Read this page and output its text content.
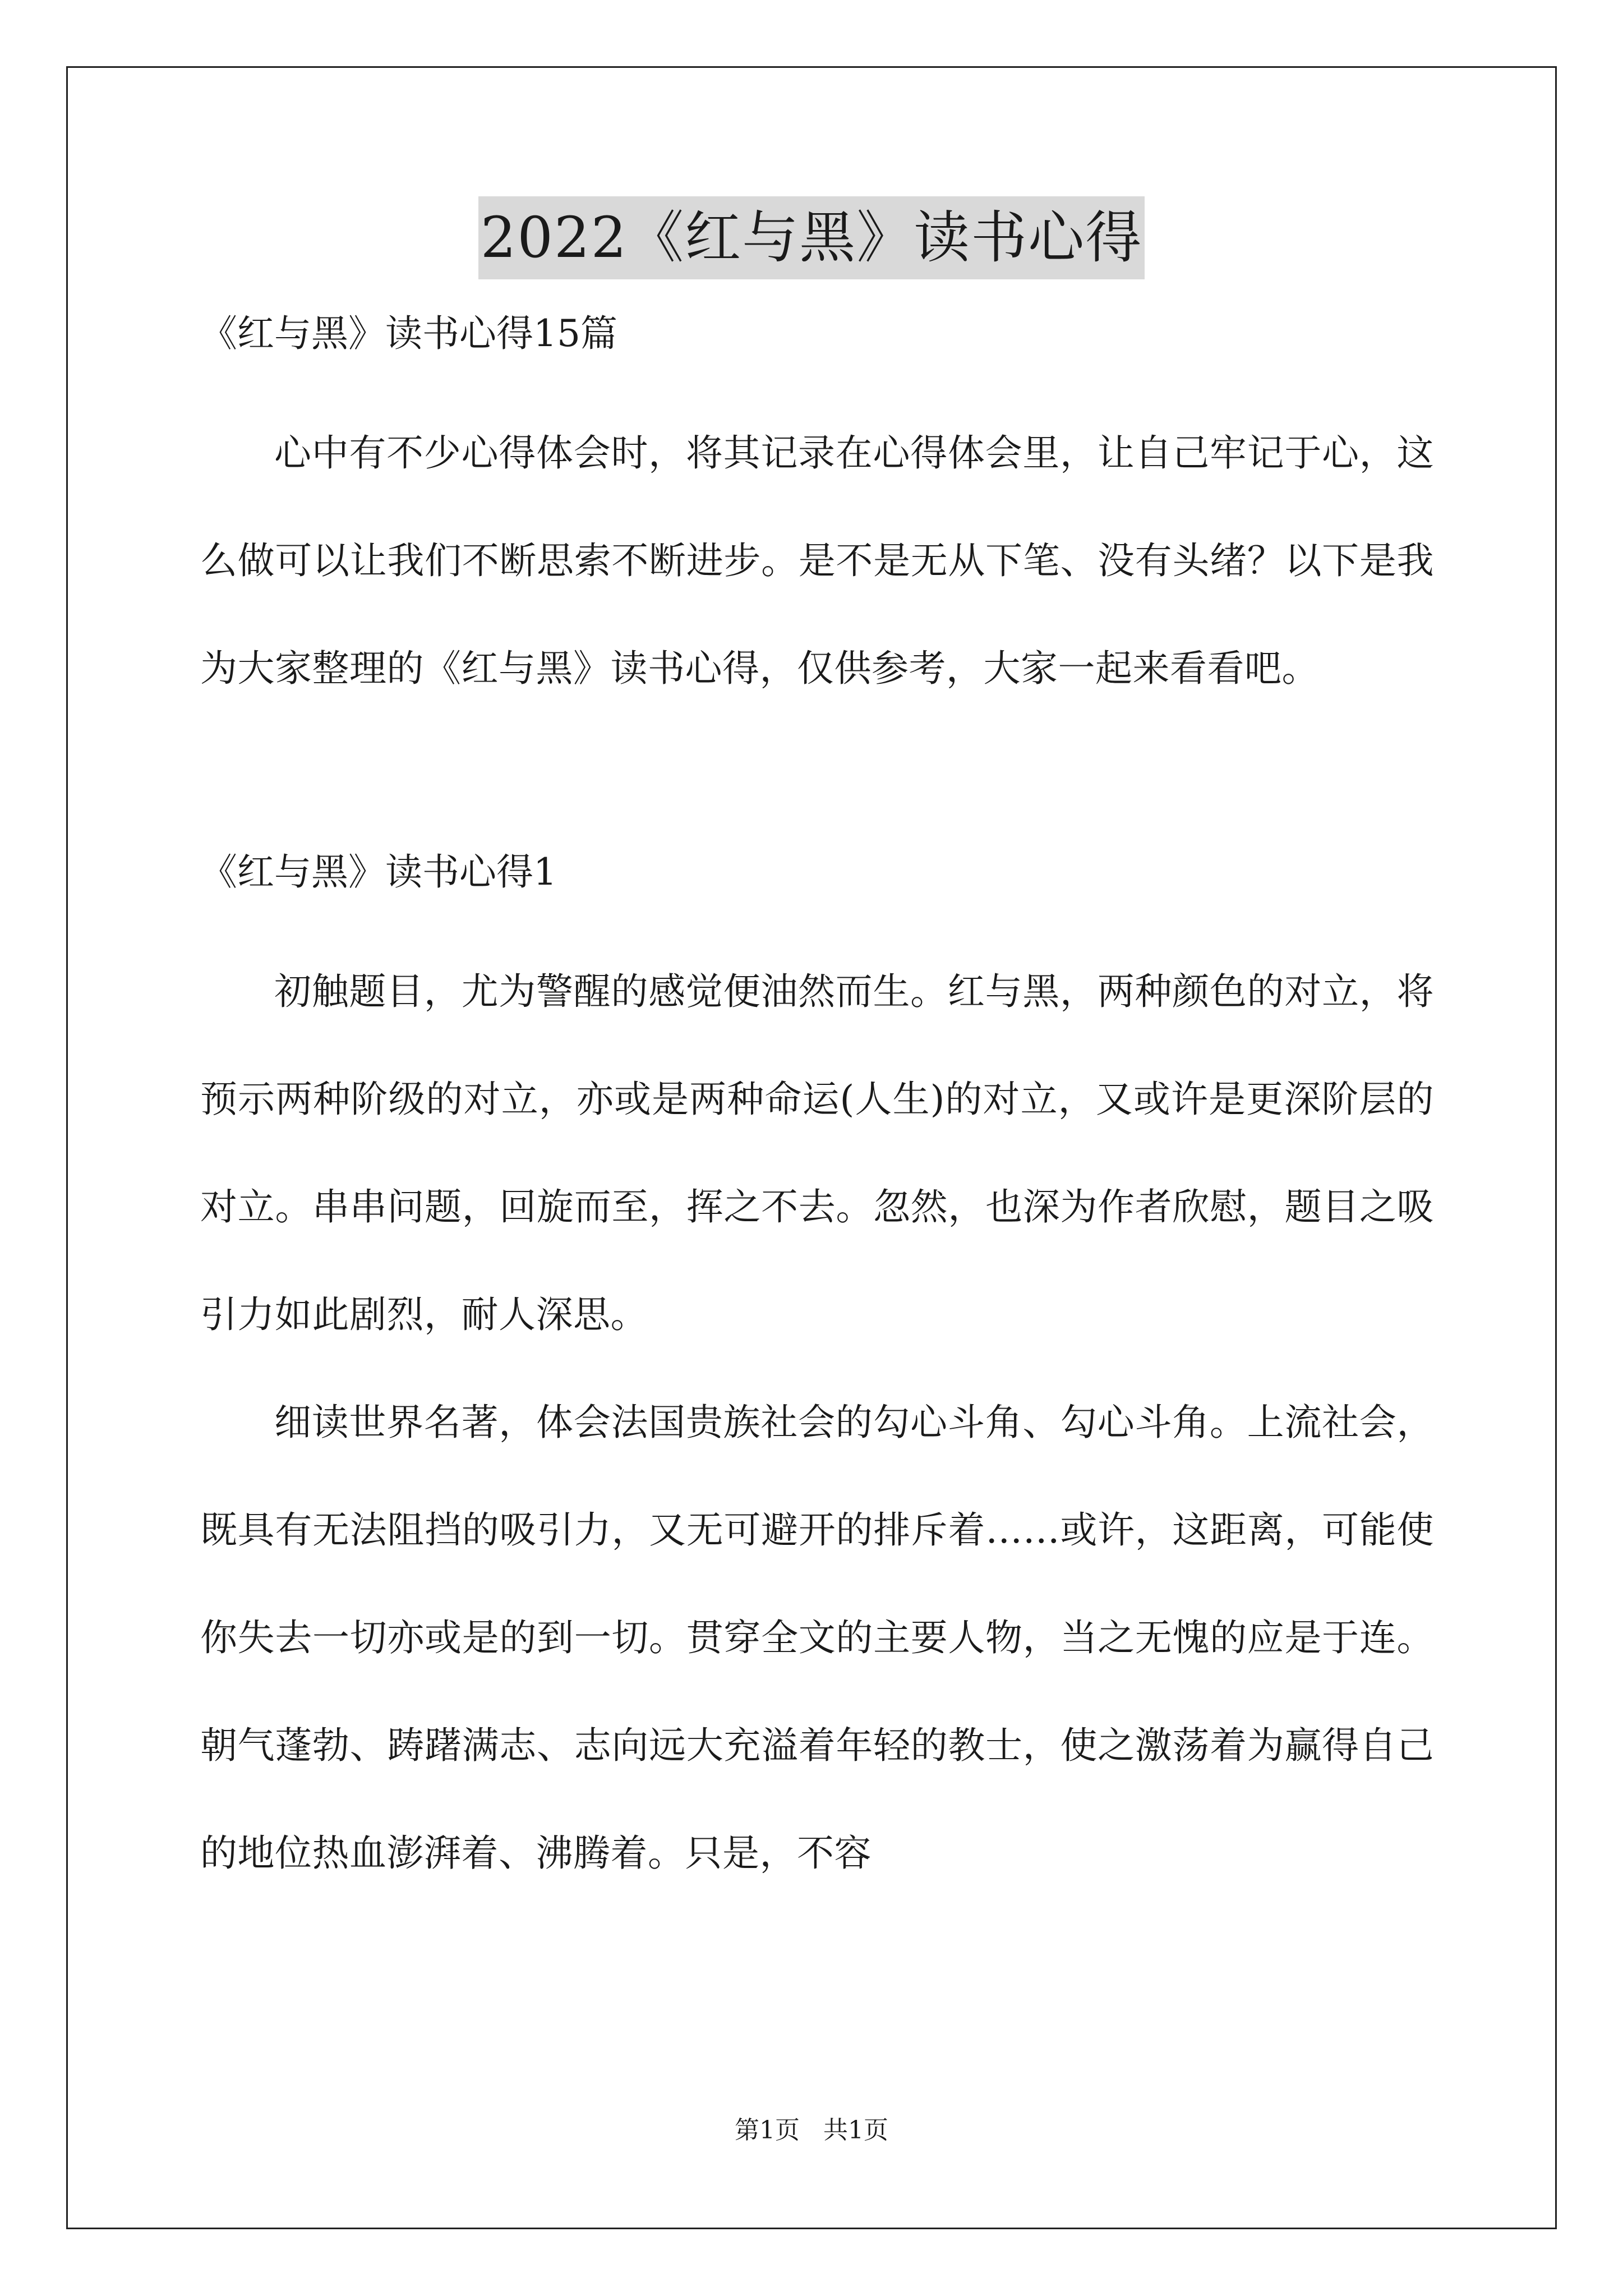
2022《红与黑》读书心得

《红与黑》读书心得15篇

心中有不少心得体会时，将其记录在心得体会里，让自己牢记于心，这么做可以让我们不断思索不断进步。是不是无从下笔、没有头绪？以下是我为大家整理的《红与黑》读书心得，仅供参考，大家一起来看看吧。

《红与黑》读书心得1

初触题目，尤为警醒的感觉便油然而生。红与黑，两种颜色的对立，将预示两种阶级的对立，亦或是两种命运(人生)的对立，又或许是更深阶层的对立。串串问题，回旋而至，挥之不去。忽然，也深为作者欣慰，题目之吸引力如此剧烈，耐人深思。

细读世界名著，体会法国贵族社会的勾心斗角、勾心斗角。上流社会，既具有无法阻挡的吸引力，又无可避开的排斥着……或许，这距离，可能使你失去一切亦或是的到一切。贯穿全文的主要人物，当之无愧的应是于连。朝气蓬勃、踌躇满志、志向远大充溢着年轻的教士，使之激荡着为赢得自己的地位热血澎湃着、沸腾着。只是，不容

第1页 共1页
